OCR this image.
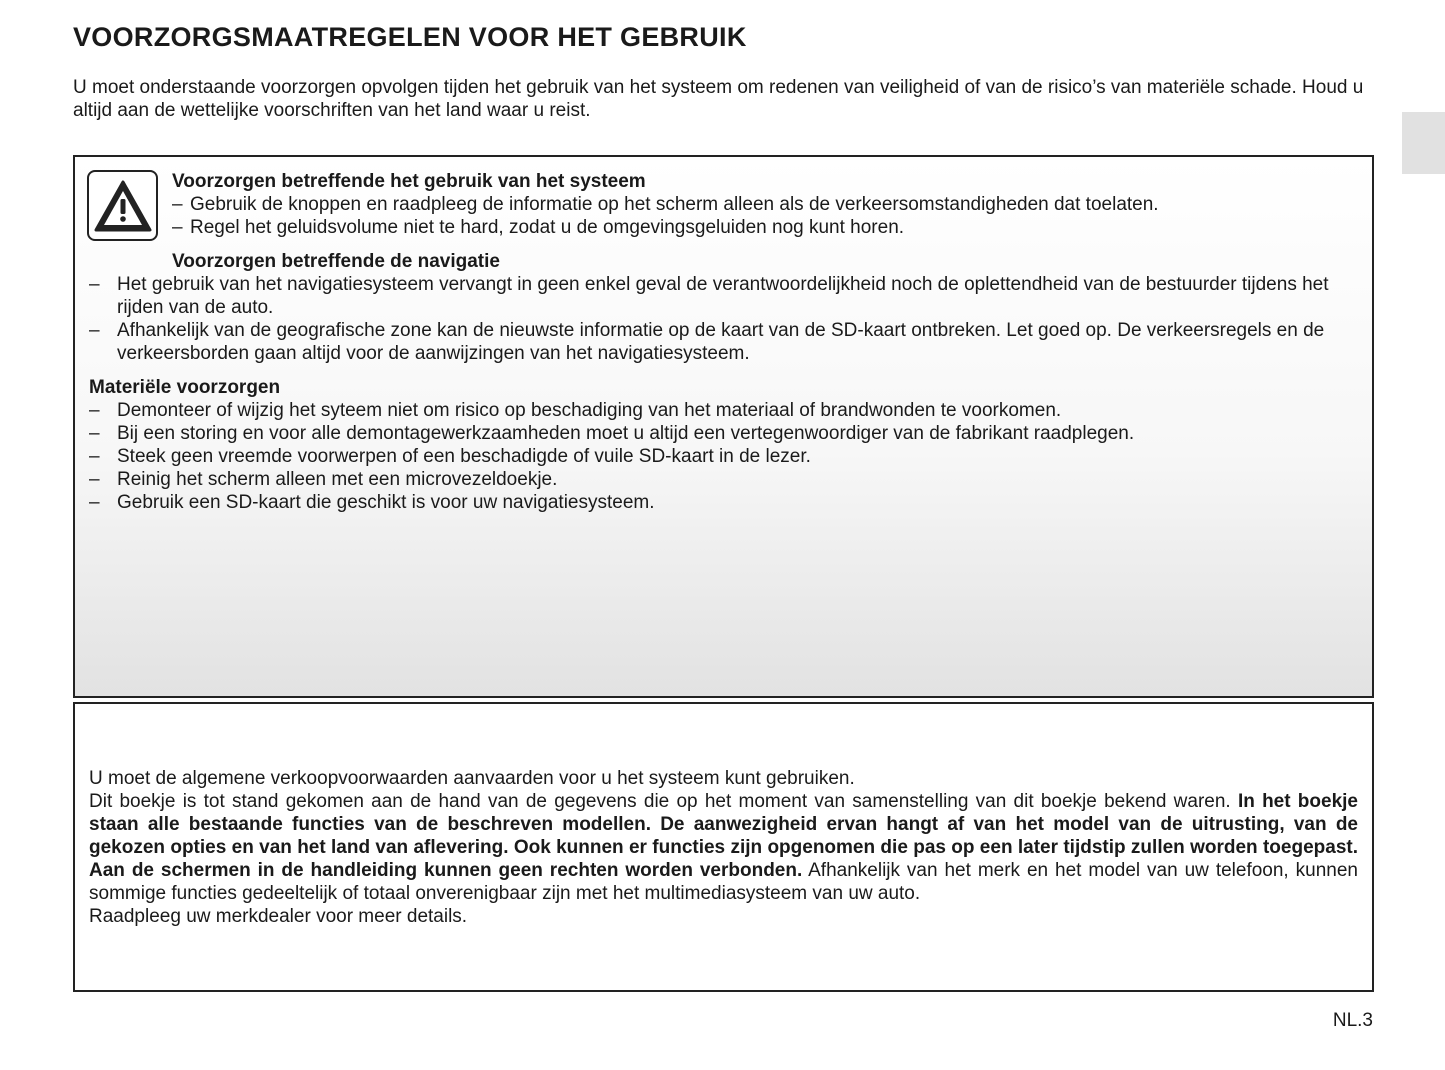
VOORZORGSMAATREGELEN VOOR HET GEBRUIK
U moet onderstaande voorzorgen opvolgen tijden het gebruik van het systeem om redenen van veiligheid of van de risico’s van materiële schade. Houd u altijd aan de wettelijke voorschriften van het land waar u reist.
Voorzorgen betreffende het gebruik van het systeem
– Gebruik de knoppen en raadpleeg de informatie op het scherm alleen als de verkeersomstandigheden dat toelaten.
– Regel het geluidsvolume niet te hard, zodat u de omgevingsgeluiden nog kunt horen.
Voorzorgen betreffende de navigatie
– Het gebruik van het navigatiesysteem vervangt in geen enkel geval de verantwoordelijkheid noch de oplettendheid van de bestuurder tijdens het rijden van de auto.
– Afhankelijk van de geografische zone kan de nieuwste informatie op de kaart van de SD-kaart ontbreken. Let goed op. De verkeersregels en de verkeersborden gaan altijd voor de aanwijzingen van het navigatiesysteem.
Materiële voorzorgen
– Demonteer of wijzig het syteem niet om risico op beschadiging van het materiaal of brandwonden te voorkomen.
– Bij een storing en voor alle demontagewerkzaamheden moet u altijd een vertegenwoordiger van de fabrikant raadplegen.
– Steek geen vreemde voorwerpen of een beschadigde of vuile SD-kaart in de lezer.
– Reinig het scherm alleen met een microvezeldoekje.
– Gebruik een SD-kaart die geschikt is voor uw navigatiesysteem.
U moet de algemene verkoopvoorwaarden aanvaarden voor u het systeem kunt gebruiken.
Dit boekje is tot stand gekomen aan de hand van de gegevens die op het moment van samenstelling van dit boekje bekend waren. In het boekje staan alle bestaande functies van de beschreven modellen. De aanwezigheid ervan hangt af van het model van de uitrusting, van de gekozen opties en van het land van aflevering. Ook kunnen er functies zijn opgenomen die pas op een later tijdstip zullen worden toegepast. Aan de schermen in de handleiding kunnen geen rechten worden verbonden. Afhankelijk van het merk en het model van uw telefoon, kunnen sommige functies gedeeltelijk of totaal onverenigbaar zijn met het multimediasysteem van uw auto.
Raadpleeg uw merkdealer voor meer details.
NL.3
